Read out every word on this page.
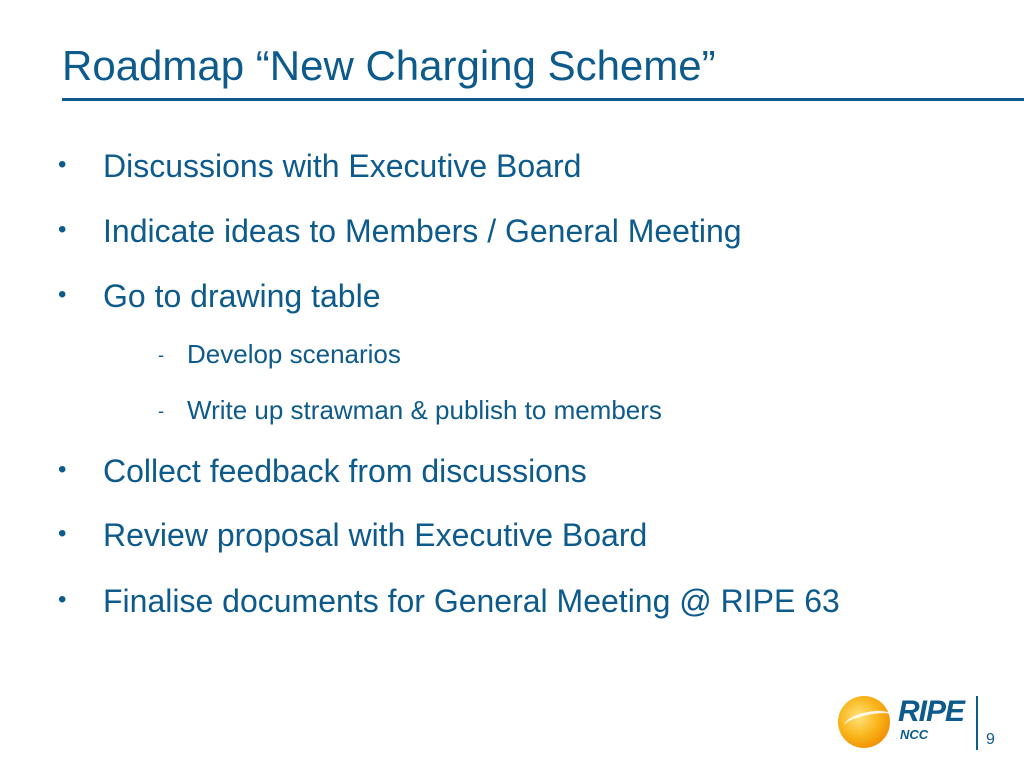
Roadmap “New Charging Scheme”
• Discussions with Executive Board
• Indicate ideas to Members / General Meeting
• Go to drawing table
- Develop scenarios
- Write up strawman & publish to members
• Collect feedback from discussions
• Review proposal with Executive Board
• Finalise documents for General Meeting @ RIPE 63
RIPE
NCC	9
